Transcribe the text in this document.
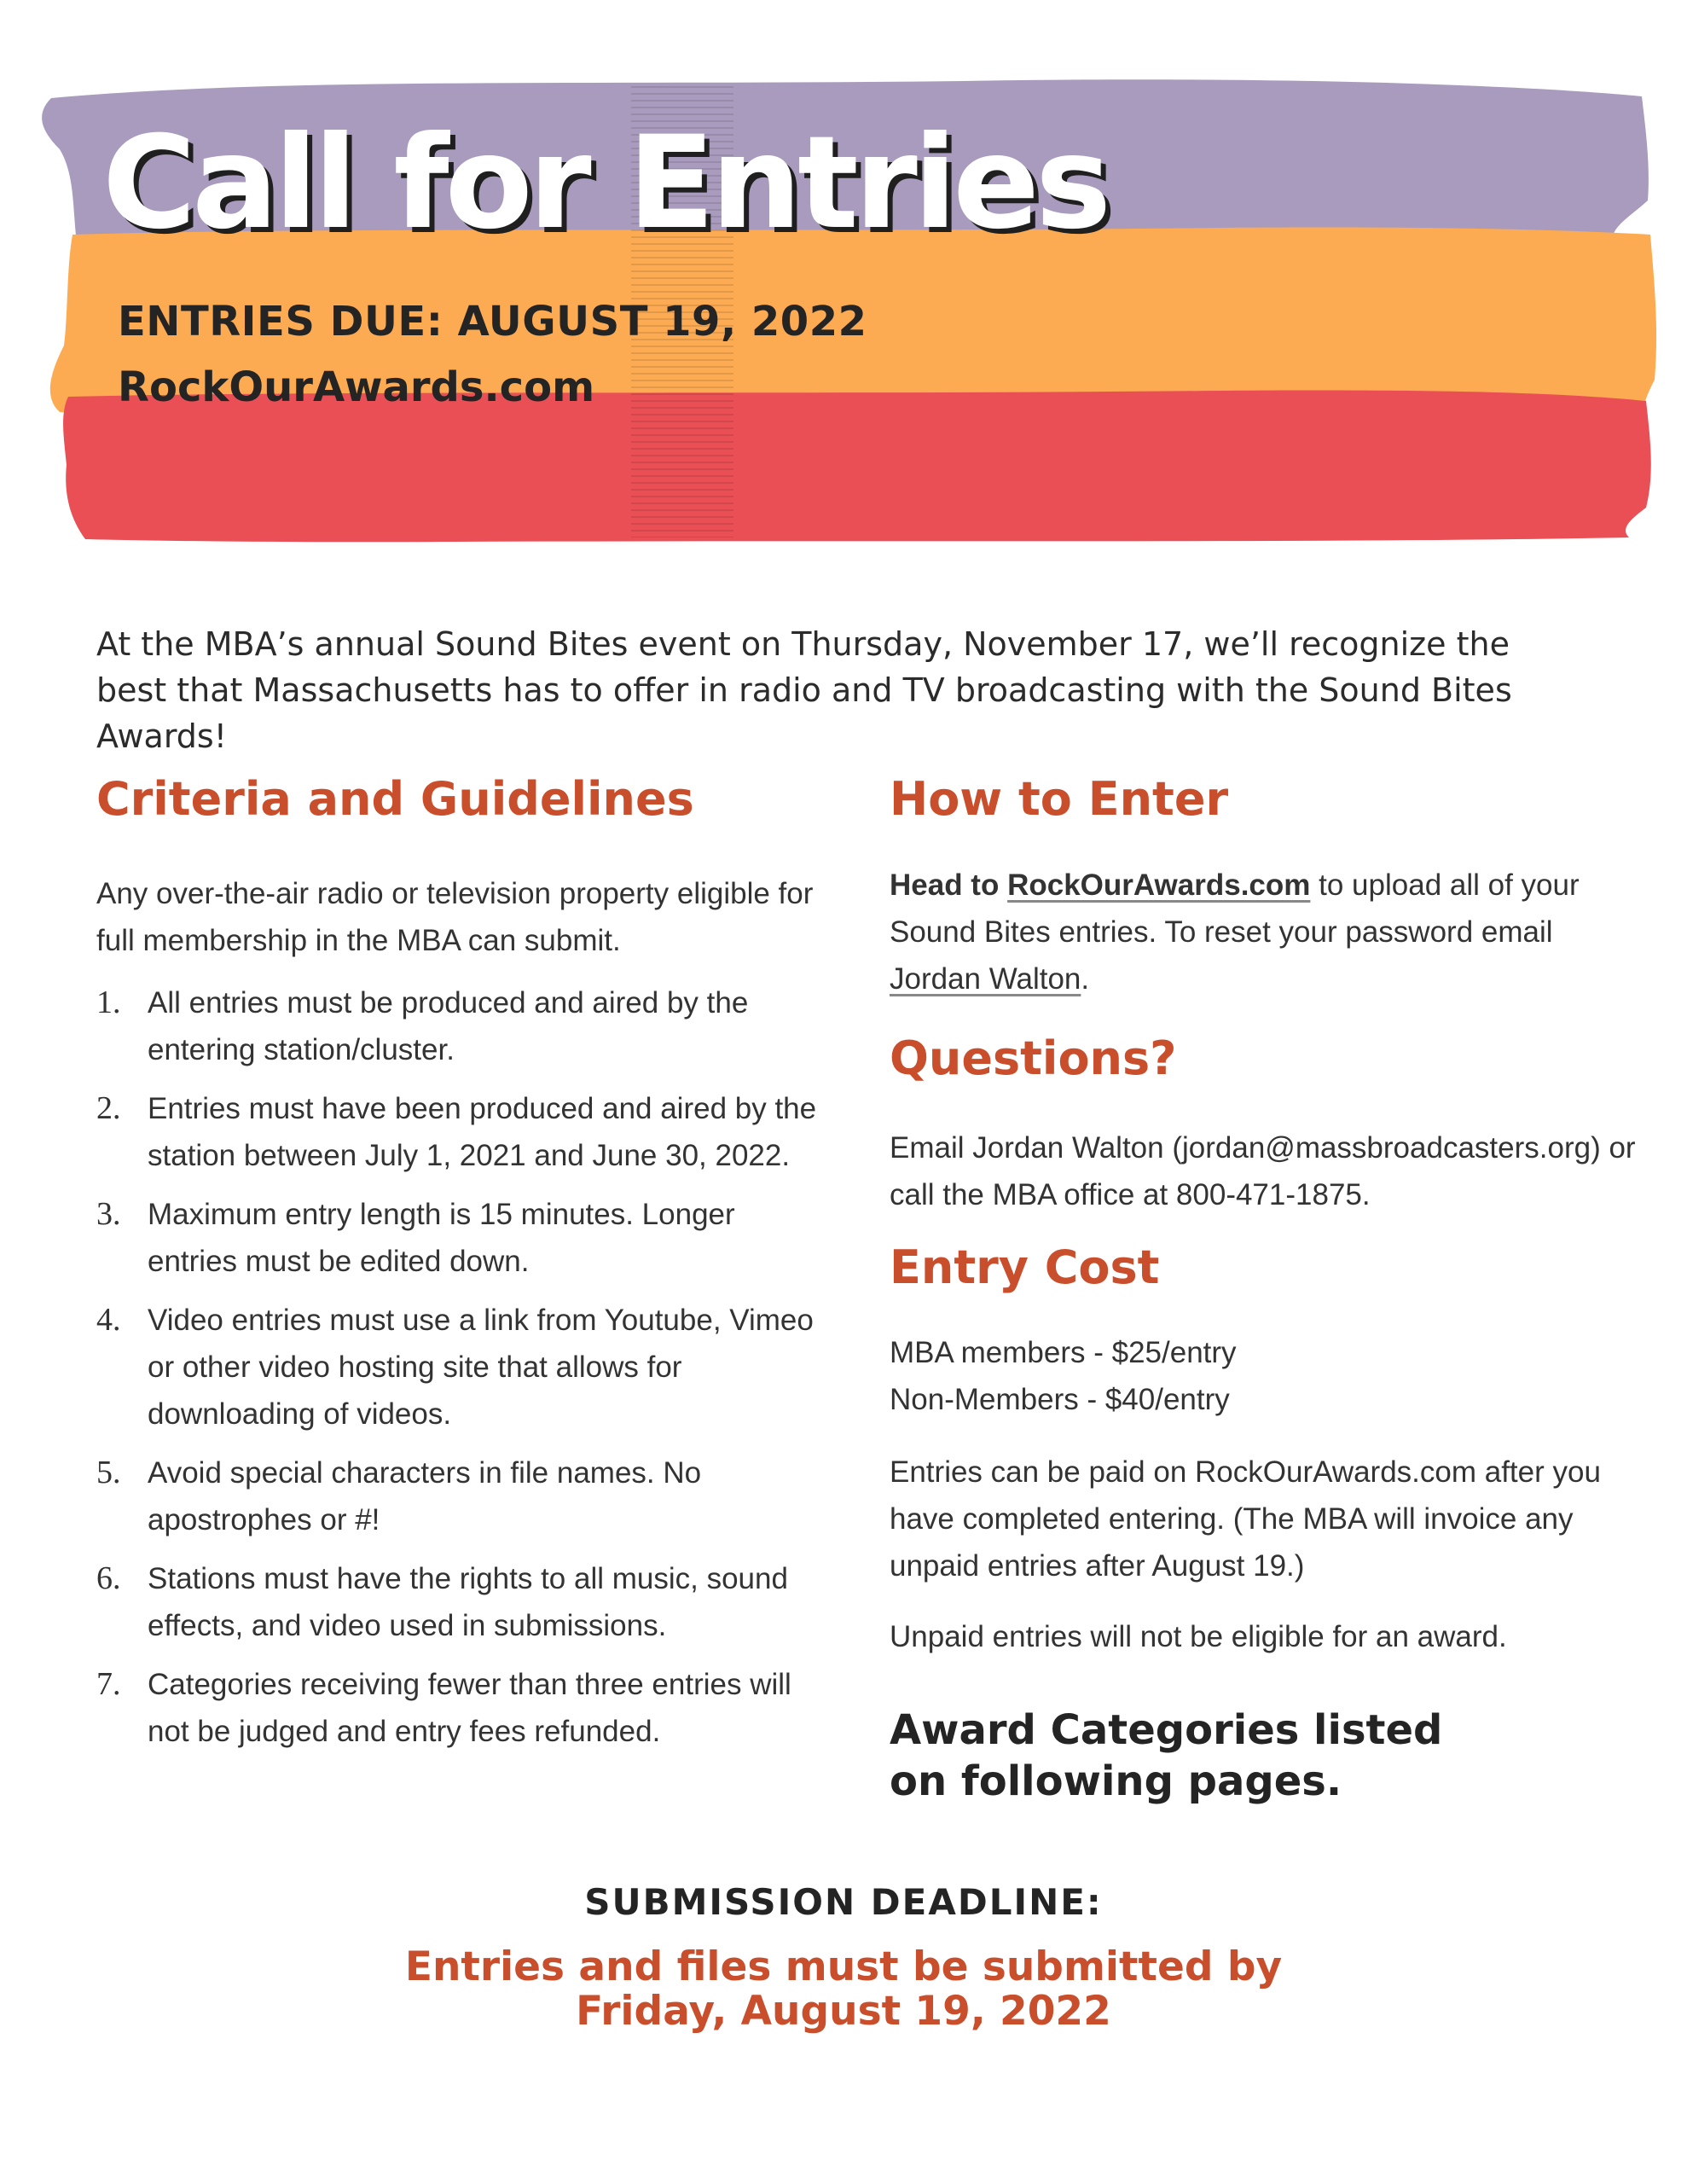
Call for Entries

ENTRIES DUE: AUGUST 19, 2022

RockOurAwards.com

At the MBA’s annual Sound Bites event on Thursday, November 17, we’ll recognize the best that Massachusetts has to offer in radio and TV broadcasting with the Sound Bites Awards!

Criteria and Guidelines

Any over-the-air radio or television property eligible for full membership in the MBA can submit.

1. All entries must be produced and aired by the entering station/cluster.
2. Entries must have been produced and aired by the station between July 1, 2021 and June 30, 2022.
3. Maximum entry length is 15 minutes. Longer entries must be edited down.
4. Video entries must use a link from Youtube, Vimeo or other video hosting site that allows for downloading of videos.
5. Avoid special characters in file names. No apostrophes or #!
6. Stations must have the rights to all music, sound effects, and video used in submissions.
7. Categories receiving fewer than three entries will not be judged and entry fees refunded.
How to Enter

Head to RockOurAwards.com to upload all of your Sound Bites entries. To reset your password email Jordan Walton.

Questions?

Email Jordan Walton (jordan@massbroadcasters.org) or call the MBA office at 800-471-1875.

Entry Cost

MBA members - $25/entry
Non-Members - $40/entry

Entries can be paid on RockOurAwards.com after you have completed entering. (The MBA will invoice any unpaid entries after August 19.)

Unpaid entries will not be eligible for an award.

Award Categories listed
on following pages.

SUBMISSION DEADLINE:

Entries and files must be submitted by
Friday, August 19, 2022
